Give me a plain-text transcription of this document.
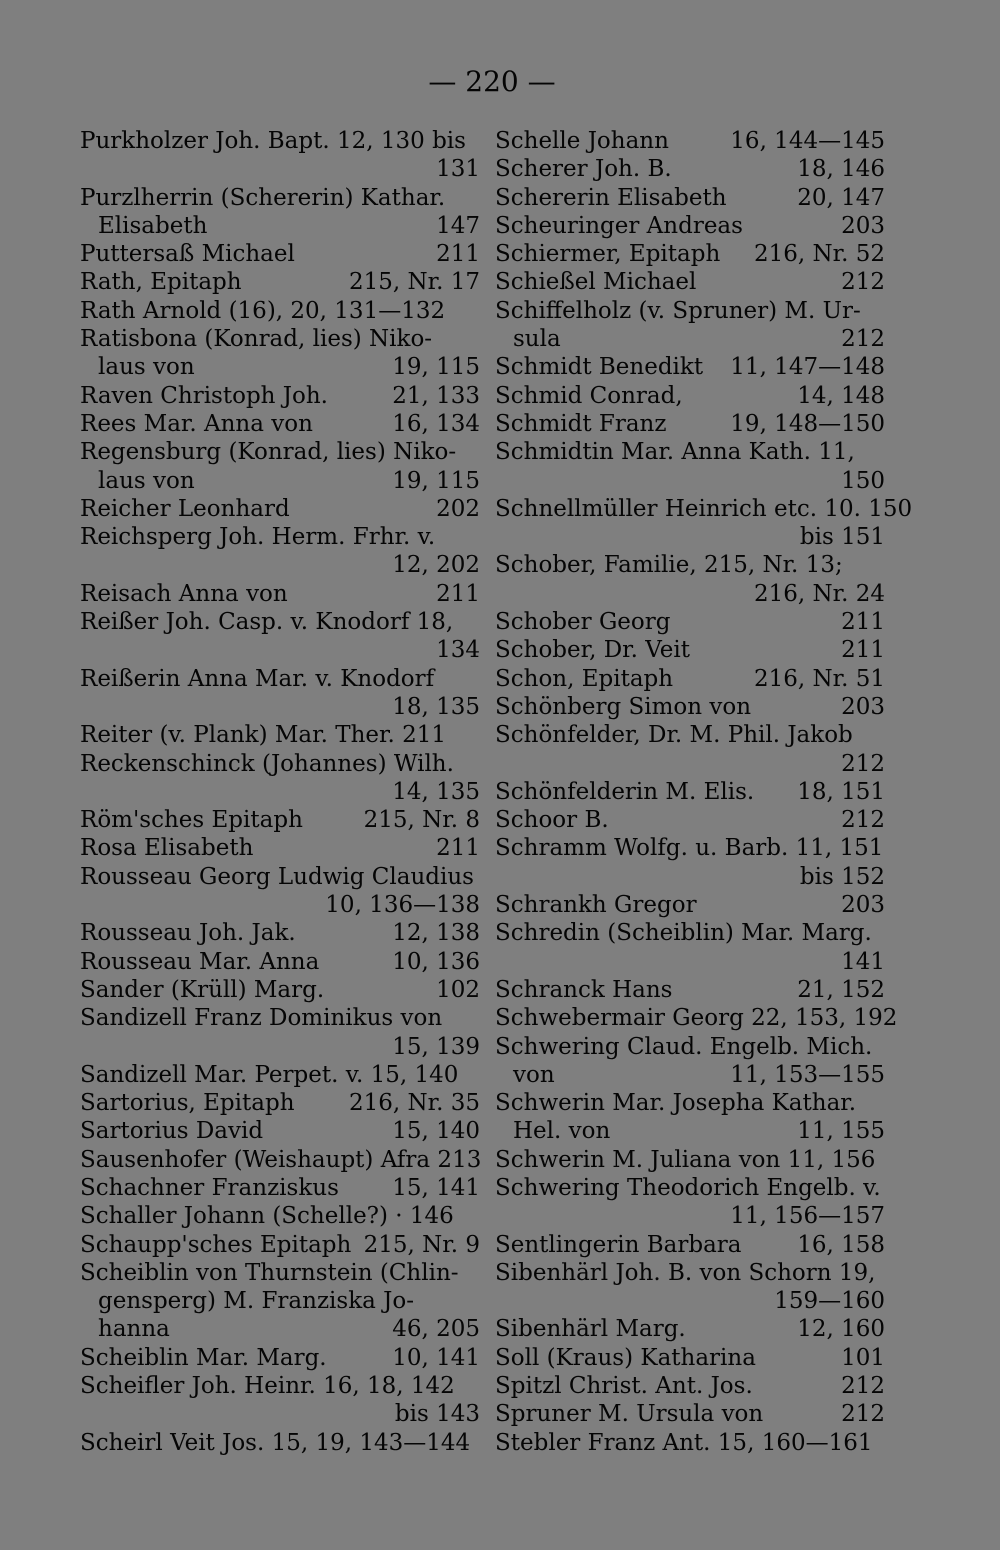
— 220 —
Purkholzer Joh. Bapt. 12, 130 bis
131
Purzlherrin (Schererin) Kathar.
Elisabeth	147
Puttersaß Michael	211
Rath, Epitaph	215, Nr. 17
Rath Arnold (16), 20, 131—132
Ratisbona (Konrad, lies) Niko-
laus von	19, 115
Raven Christoph Joh.	21, 133
Rees Mar. Anna von	16, 134
Regensburg (Konrad, lies) Niko-
laus von	19, 115
Reicher Leonhard	202
Reichsperg Joh. Herm. Frhr. v.
12, 202
Reisach Anna von	211
Reißer Joh. Casp. v. Knodorf 18,
134
Reißerin Anna Mar. v. Knodorf
18, 135
Reiter (v. Plank) Mar. Ther. 211
Reckenschinck (Johannes) Wilh.
14, 135
Röm'sches Epitaph	215, Nr. 8
Rosa Elisabeth	211
Rousseau Georg Ludwig Claudius
10, 136—138
Rousseau Joh. Jak.	12, 138
Rousseau Mar. Anna	10, 136
Sander (Krüll) Marg.	102
Sandizell Franz Dominikus von
15, 139
Sandizell Mar. Perpet. v. 15, 140
Sartorius, Epitaph 216, Nr. 35
Sartorius David	15, 140
Sausenhofer (Weishaupt) Afra 213
Schachner Franziskus 15, 141
Schaller Johann (Schelle?) · 146
Schaupp'sches Epitaph 215, Nr. 9
Scheiblin von Thurnstein (Chlin-
gensperg) M. Franziska Jo-
hanna	46, 205
Scheiblin Mar. Marg.	10, 141
Scheifler Joh. Heinr. 16, 18, 142
bis 143
Scheirl Veit Jos. 15, 19, 143—144
Schelle Johann	16, 144—145
Scherer Joh. B.	18, 146
Schererin Elisabeth	20, 147
Scheuringer Andreas	203
Schiermer, Epitaph 216, Nr. 52
Schießel Michael	212
Schiffelholz (v. Spruner) M. Ur-
sula	212
Schmidt Benedikt 11, 147—148
Schmid Conrad,	14, 148
Schmidt Franz	19, 148—150
Schmidtin Mar. Anna Kath. 11,
150
Schnellmüller Heinrich etc. 10. 150
bis 151
Schober, Familie, 215, Nr. 13;
216, Nr. 24
Schober Georg	211
Schober, Dr. Veit	211
Schon, Epitaph	216, Nr. 51
Schönberg Simon von	203
Schönfelder, Dr. M. Phil. Jakob
212
Schönfelderin M. Elis. 18, 151
Schoor B.	212
Schramm Wolfg. u. Barb. 11, 151
bis 152
Schrankh Gregor	203
Schredin (Scheiblin) Mar. Marg.
141
Schranck Hans	21, 152
Schwebermair Georg 22, 153, 192
Schwering Claud. Engelb. Mich.
von	11, 153—155
Schwerin Mar. Josepha Kathar.
Hel. von	11, 155
Schwerin M. Juliana von 11, 156
Schwering Theodorich Engelb. v.
11, 156—157
Sentlingerin Barbara 16, 158
Sibenhärl Joh. B. von Schorn 19,
159—160
Sibenhärl Marg.	12, 160
Soll (Kraus) Katharina	101
Spitzl Christ. Ant. Jos.	212
Spruner M. Ursula von	212
Stebler Franz Ant. 15, 160—161
